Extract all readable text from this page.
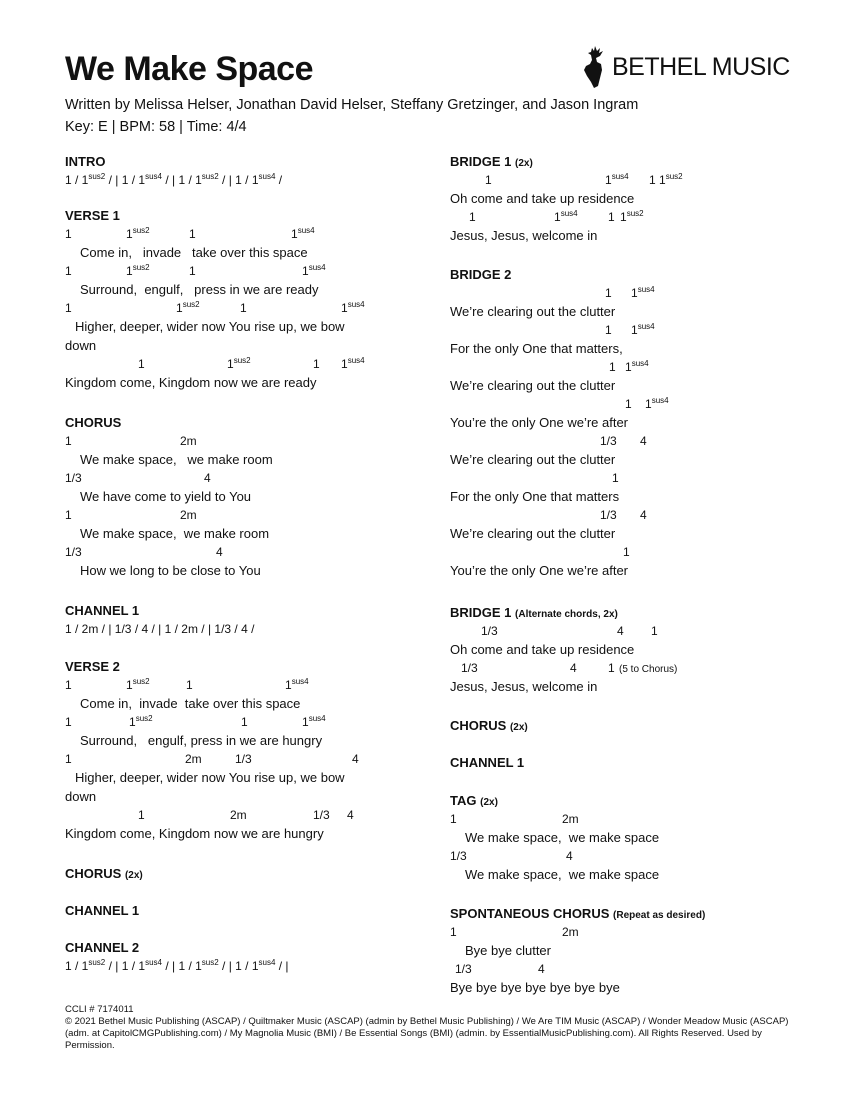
We Make Space
Written by Melissa Helser, Jonathan David Helser, Steffany Gretzinger, and Jason Ingram
Key: E | BPM: 58 | Time: 4/4
BETHEL MUSIC
INTRO
$1 / 1^{sus2}$ / | $1 / 1^{sus4}$ / | $1 / 1^{sus2}$ / | $1 / 1^{sus4}$ /
VERSE 1
1	$1^{sus2}$	1	$1^{sus4}$
Come in,   invade   take over this space
1	$1^{sus2}$	1	$1^{sus4}$
Surround,  engulf,   press in we are ready
1	$1^{sus2}$	1	$1^{sus4}$
Higher, deeper, wider now You rise up, we bow
down
1	$1^{sus2}$	1 $1^{sus4}$
Kingdom come, Kingdom now we are ready
CHORUS
1	2m
We make space,   we make room
1/3	4
We have come to yield to You
1	2m
We make space,  we make room
1/3	4
How we long to be close to You
CHANNEL 1
1 / 2m / | 1/3 / 4 / | 1 / 2m / | 1/3 / 4 /
VERSE 2
1	$1^{sus2}$	1	$1^{sus4}$
Come in,  invade  take over this space
1	$1^{sus2}$	1	$1^{sus4}$
Surround,   engulf, press in we are hungry
1	2m	1/3	4
Higher, deeper, wider now You rise up, we bow
down
1	2m	1/3 4
Kingdom come, Kingdom now we are hungry
CHORUS (2x)
CHANNEL 1
CHANNEL 2
$1 / 1^{sus2}$ / | $1 / 1^{sus4}$ / | $1 / 1^{sus2}$ / | $1 / 1^{sus4}$ / |
BRIDGE 1 (2x)
1	$1^{sus4}$ 1 $1^{sus2}$
Oh come and take up residence
1	$1^{sus4}$	1 $1^{sus2}$
Jesus, Jesus, welcome in
BRIDGE 2
1 $1^{sus4}$
We’re clearing out the clutter
1 $1^{sus4}$
For the only One that matters,
1 $1^{sus4}$
We’re clearing out the clutter
1 $1^{sus4}$
You’re the only One we’re after
1/3 4
We’re clearing out the clutter
1
For the only One that matters
1/3 4
We’re clearing out the clutter
1
You’re the only One we’re after
BRIDGE 1 (Alternate chords, 2x)
1/3	4 1
Oh come and take up residence
1/3	4	1 (5 to Chorus)
Jesus, Jesus, welcome in
CHORUS (2x)
CHANNEL 1
TAG (2x)
1	2m
We make space,  we make space
1/3	4
We make space,  we make space
SPONTANEOUS CHORUS (Repeat as desired)
1	2m
Bye bye clutter
1/3	4
Bye bye bye bye bye bye bye
CCLI # 7174011
© 2021 Bethel Music Publishing (ASCAP) / Quiltmaker Music (ASCAP) (admin by Bethel Music Publishing) / We Are TIM Music (ASCAP) / Wonder Meadow Music (ASCAP) (adm. at CapitolCMGPublishing.com) / My Magnolia Music (BMI) / Be Essential Songs (BMI) (admin. by EssentialMusicPublishing.com). All Rights Reserved. Used by Permission.
